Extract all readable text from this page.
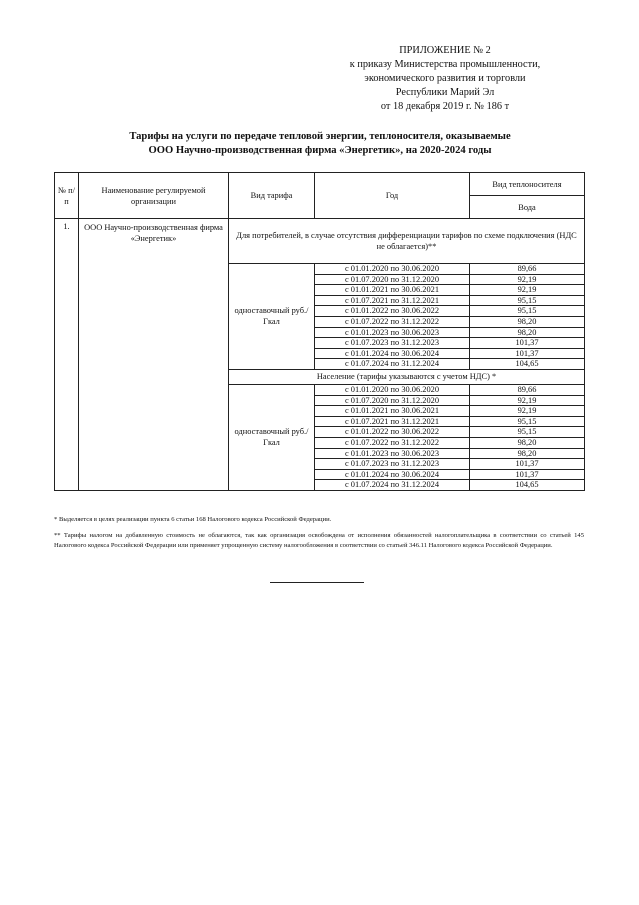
ПРИЛОЖЕНИЕ № 2
к приказу Министерства промышленности,
экономического развития и торговли
Республики Марий Эл
от 18 декабря 2019 г. № 186 т
Тарифы на услуги по передаче тепловой энергии, теплоносителя, оказываемые
ООО Научно-производственная фирма «Энергетик», на 2020-2024 годы
№ п/п	Наименование регулируемой организации	Вид тарифа	Год	Вид теплоносителя
				Вода
1.	ООО Научно-производственная фирма «Энергетик»	Для потребителей, в случае отсутствия дифференциации тарифов по схеме подключения (НДС не облагается)**		
		одноставочный руб./Гкал	с 01.01.2020 по 30.06.2020	89,66
			с 01.07.2020 по 31.12.2020	92,19
			с 01.01.2021 по 30.06.2021	92,19
			с 01.07.2021 по 31.12.2021	95,15
			с 01.01.2022 по 30.06.2022	95,15
			с 01.07.2022 по 31.12.2022	98,20
			с 01.01.2023 по 30.06.2023	98,20
			с 01.07.2023 по 31.12.2023	101,37
			с 01.01.2024 по 30.06.2024	101,37
			с 01.07.2024 по 31.12.2024	104,65
		Население (тарифы указываются с учетом НДС) *		
		одноставочный руб./Гкал	с 01.01.2020 по 30.06.2020	89,66
			с 01.07.2020 по 31.12.2020	92,19
			с 01.01.2021 по 30.06.2021	92,19
			с 01.07.2021 по 31.12.2021	95,15
			с 01.01.2022 по 30.06.2022	95,15
			с 01.07.2022 по 31.12.2022	98,20
			с 01.01.2023 по 30.06.2023	98,20
			с 01.07.2023 по 31.12.2023	101,37
			с 01.01.2024 по 30.06.2024	101,37
			с 01.07.2024 по 31.12.2024	104,65

* Выделяется в целях реализации пункта 6 статьи 168 Налогового кодекса Российской Федерации.

** Тарифы налогом на добавленную стоимость не облагаются, так как организация освобождена от исполнения обязанностей налогоплательщика в соответствии со статьей 145 Налогового кодекса Российской Федерации или применяет упрощенную систему налогообложения в соответствии со статьей 346.11 Налогового кодекса Российской Федерации.
